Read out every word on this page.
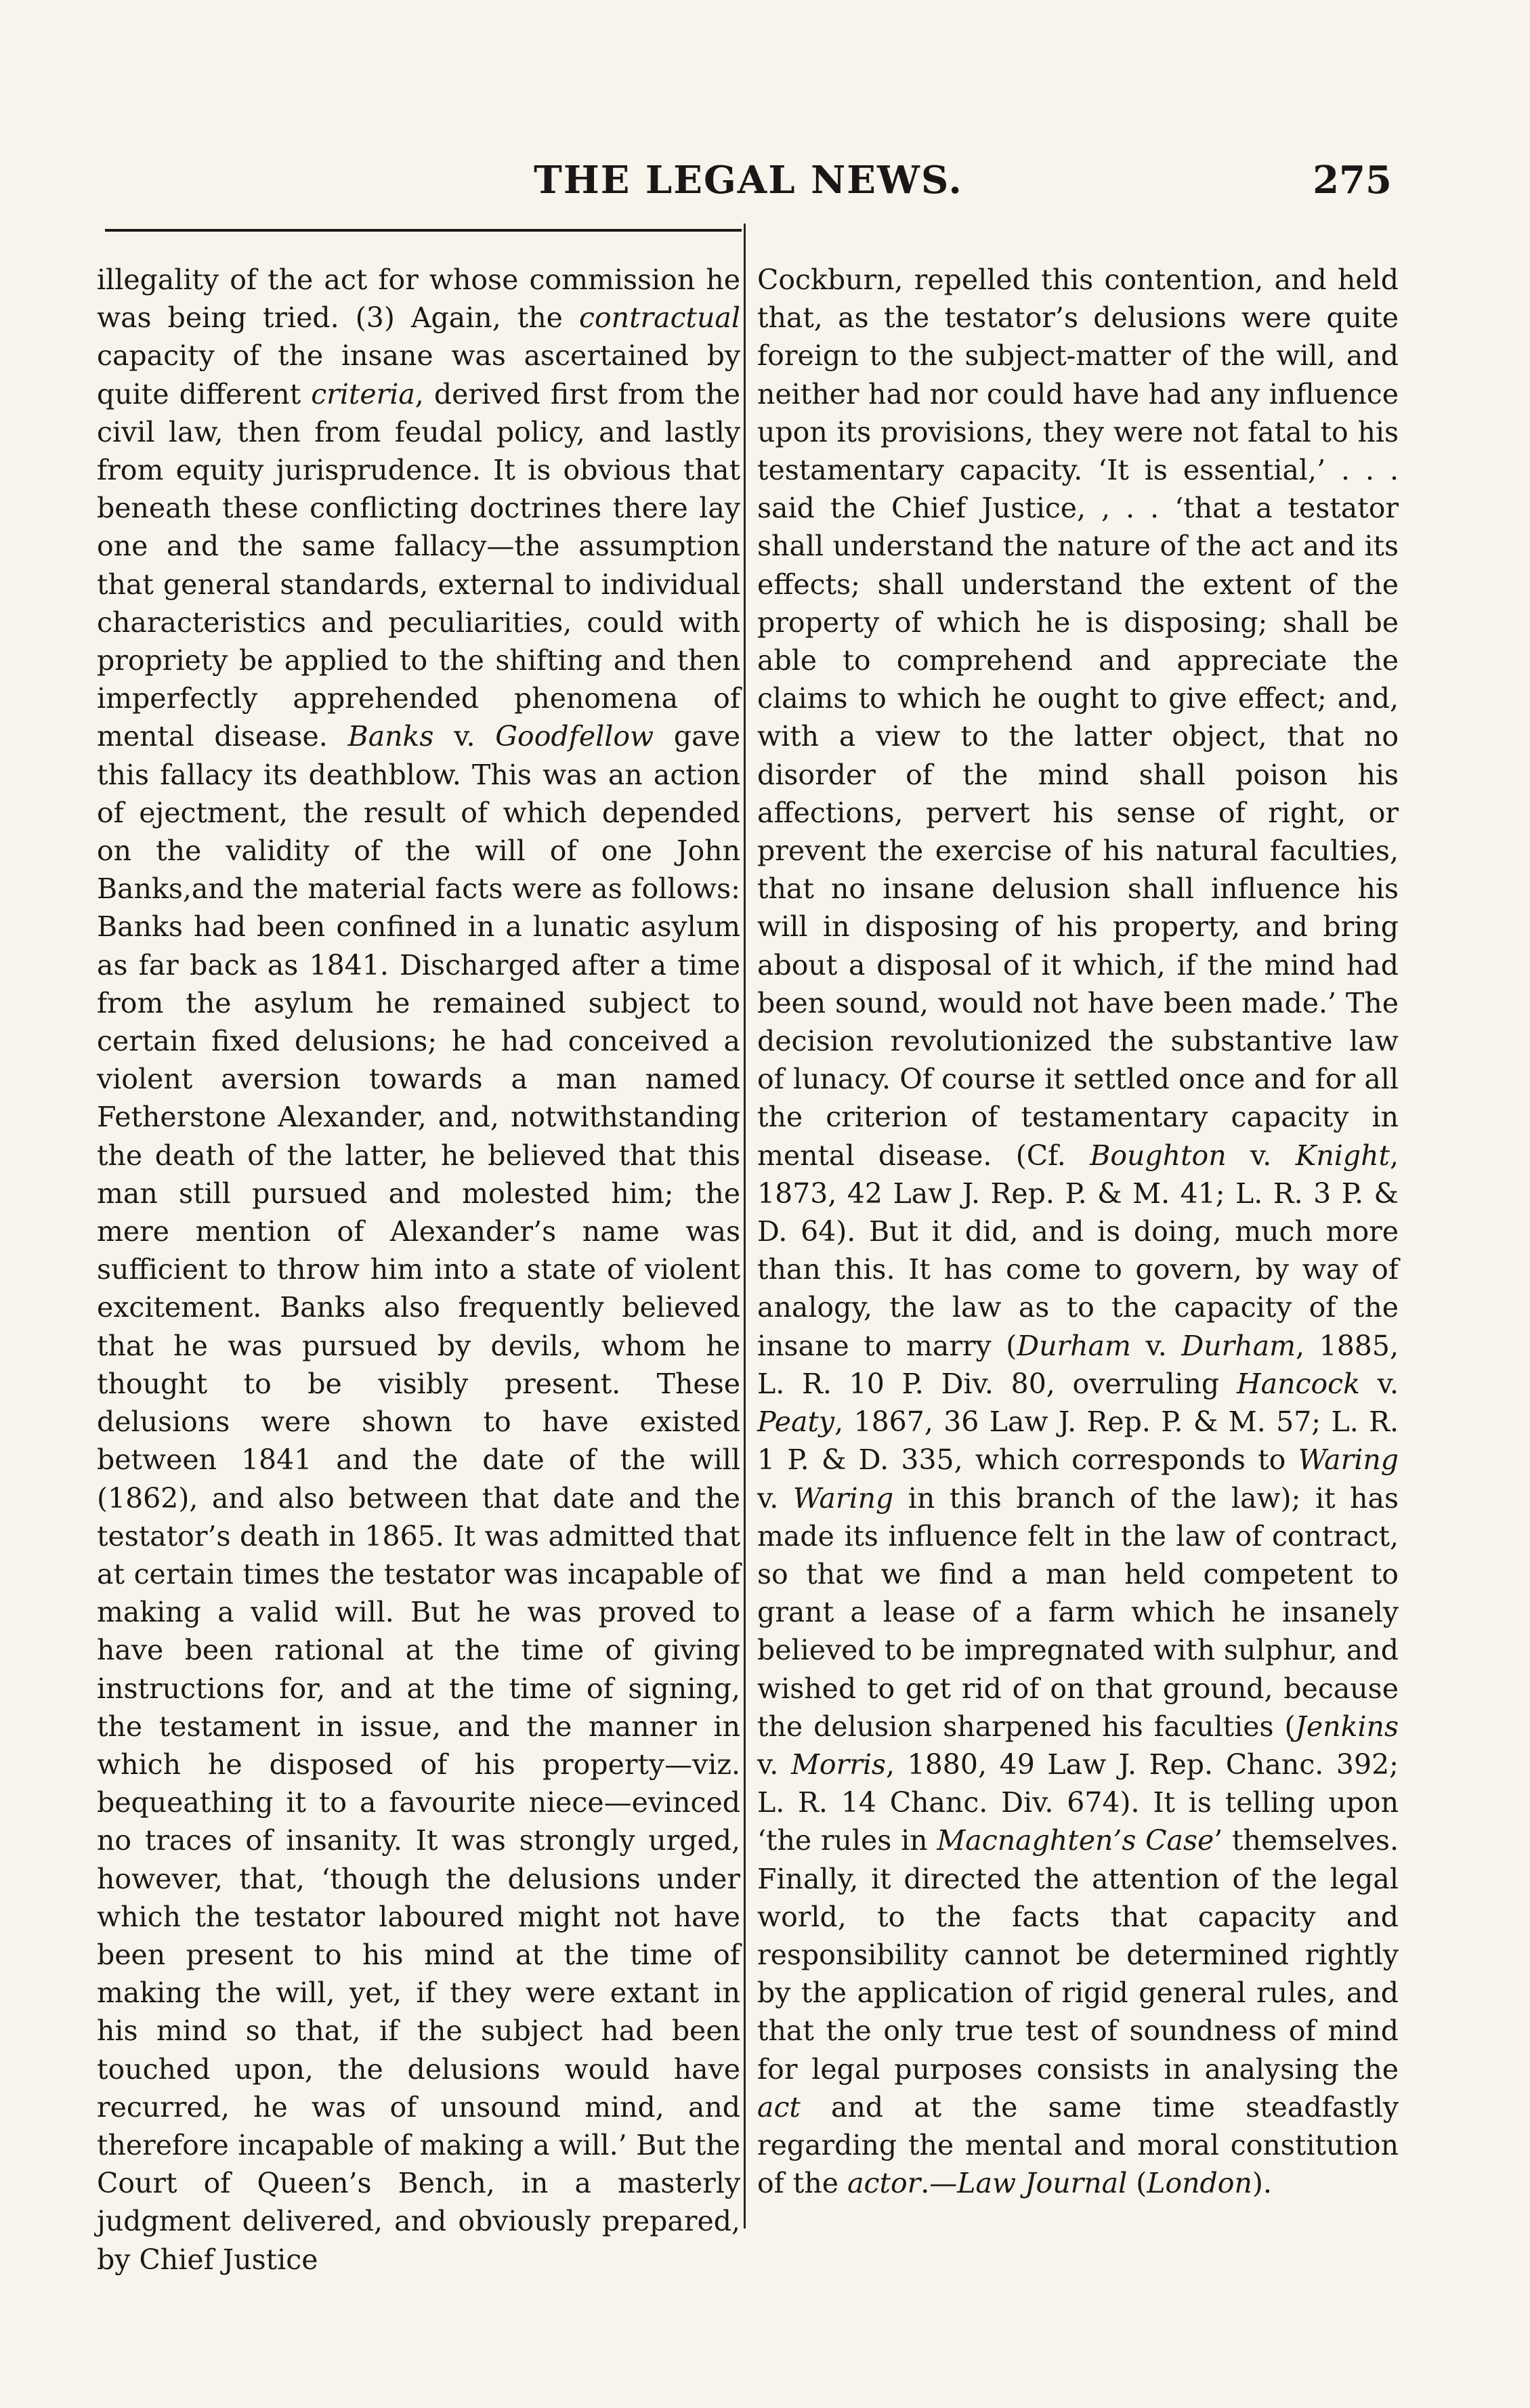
THE LEGAL NEWS.	275

illegality of the act for whose commission he was being tried. (3) Again, the contractual capacity of the insane was ascertained by quite different criteria, derived first from the civil law, then from feudal policy, and lastly from equity jurisprudence. It is obvious that beneath these conflicting doctrines there lay one and the same fallacy—the assumption that general standards, external to individual characteristics and peculiarities, could with propriety be applied to the shifting and then imperfectly apprehended phenomena of mental disease. Banks v. Goodfellow gave this fallacy its deathblow. This was an action of ejectment, the result of which depended on the validity of the will of one John Banks,and the material facts were as follows: Banks had been confined in a lunatic asylum as far back as 1841. Discharged after a time from the asylum he remained subject to certain fixed delusions; he had conceived a violent aversion towards a man named Fetherstone Alexander, and, notwithstanding the death of the latter, he believed that this man still pursued and molested him; the mere mention of Alexander’s name was sufficient to throw him into a state of violent excitement. Banks also frequently believed that he was pursued by devils, whom he thought to be visibly present. These delusions were shown to have existed between 1841 and the date of the will (1862), and also between that date and the testator’s death in 1865. It was admitted that at certain times the testator was incapable of making a valid will. But he was proved to have been rational at the time of giving instructions for, and at the time of signing, the testament in issue, and the manner in which he disposed of his property—viz. bequeathing it to a favourite niece—evinced no traces of insanity. It was strongly urged, however, that, ‘though the delusions under which the testator laboured might not have been present to his mind at the time of making the will, yet, if they were extant in his mind so that, if the subject had been touched upon, the delusions would have recurred, he was of unsound mind, and therefore incapable of making a will.’ But the Court of Queen’s Bench, in a masterly judgment delivered, and obviously prepared, by Chief Justice

Cockburn, repelled this contention, and held that, as the testator’s delusions were quite foreign to the subject-matter of the will, and neither had nor could have had any influence upon its provisions, they were not fatal to his testamentary capacity. ‘It is essential,’ . . . said the Chief Justice, , . . ‘that a testator shall understand the nature of the act and its effects; shall understand the extent of the property of which he is disposing; shall be able to comprehend and appreciate the claims to which he ought to give effect; and, with a view to the latter object, that no disorder of the mind shall poison his affections, pervert his sense of right, or prevent the exercise of his natural faculties, that no insane delusion shall influence his will in disposing of his property, and bring about a disposal of it which, if the mind had been sound, would not have been made.’ The decision revolutionized the substantive law of lunacy. Of course it settled once and for all the criterion of testamentary capacity in mental disease. (Cf. Boughton v. Knight, 1873, 42 Law J. Rep. P. & M. 41; L. R. 3 P. & D. 64). But it did, and is doing, much more than this. It has come to govern, by way of analogy, the law as to the capacity of the insane to marry (Durham v. Durham, 1885, L. R. 10 P. Div. 80, overruling Hancock v. Peaty, 1867, 36 Law J. Rep. P. & M. 57; L. R. 1 P. & D. 335, which corresponds to Waring v. Waring in this branch of the law); it has made its influence felt in the law of contract, so that we find a man held competent to grant a lease of a farm which he insanely believed to be impregnated with sulphur, and wished to get rid of on that ground, because the delusion sharpened his faculties (Jenkins v. Morris, 1880, 49 Law J. Rep. Chanc. 392; L. R. 14 Chanc. Div. 674). It is telling upon ‘the rules in Macnaghten’s Case’ themselves. Finally, it directed the attention of the legal world, to the facts that capacity and responsibility cannot be determined rightly by the application of rigid general rules, and that the only true test of soundness of mind for legal purposes consists in analysing the act and at the same time steadfastly regarding the mental and moral constitution of the actor.—Law Journal (London).
